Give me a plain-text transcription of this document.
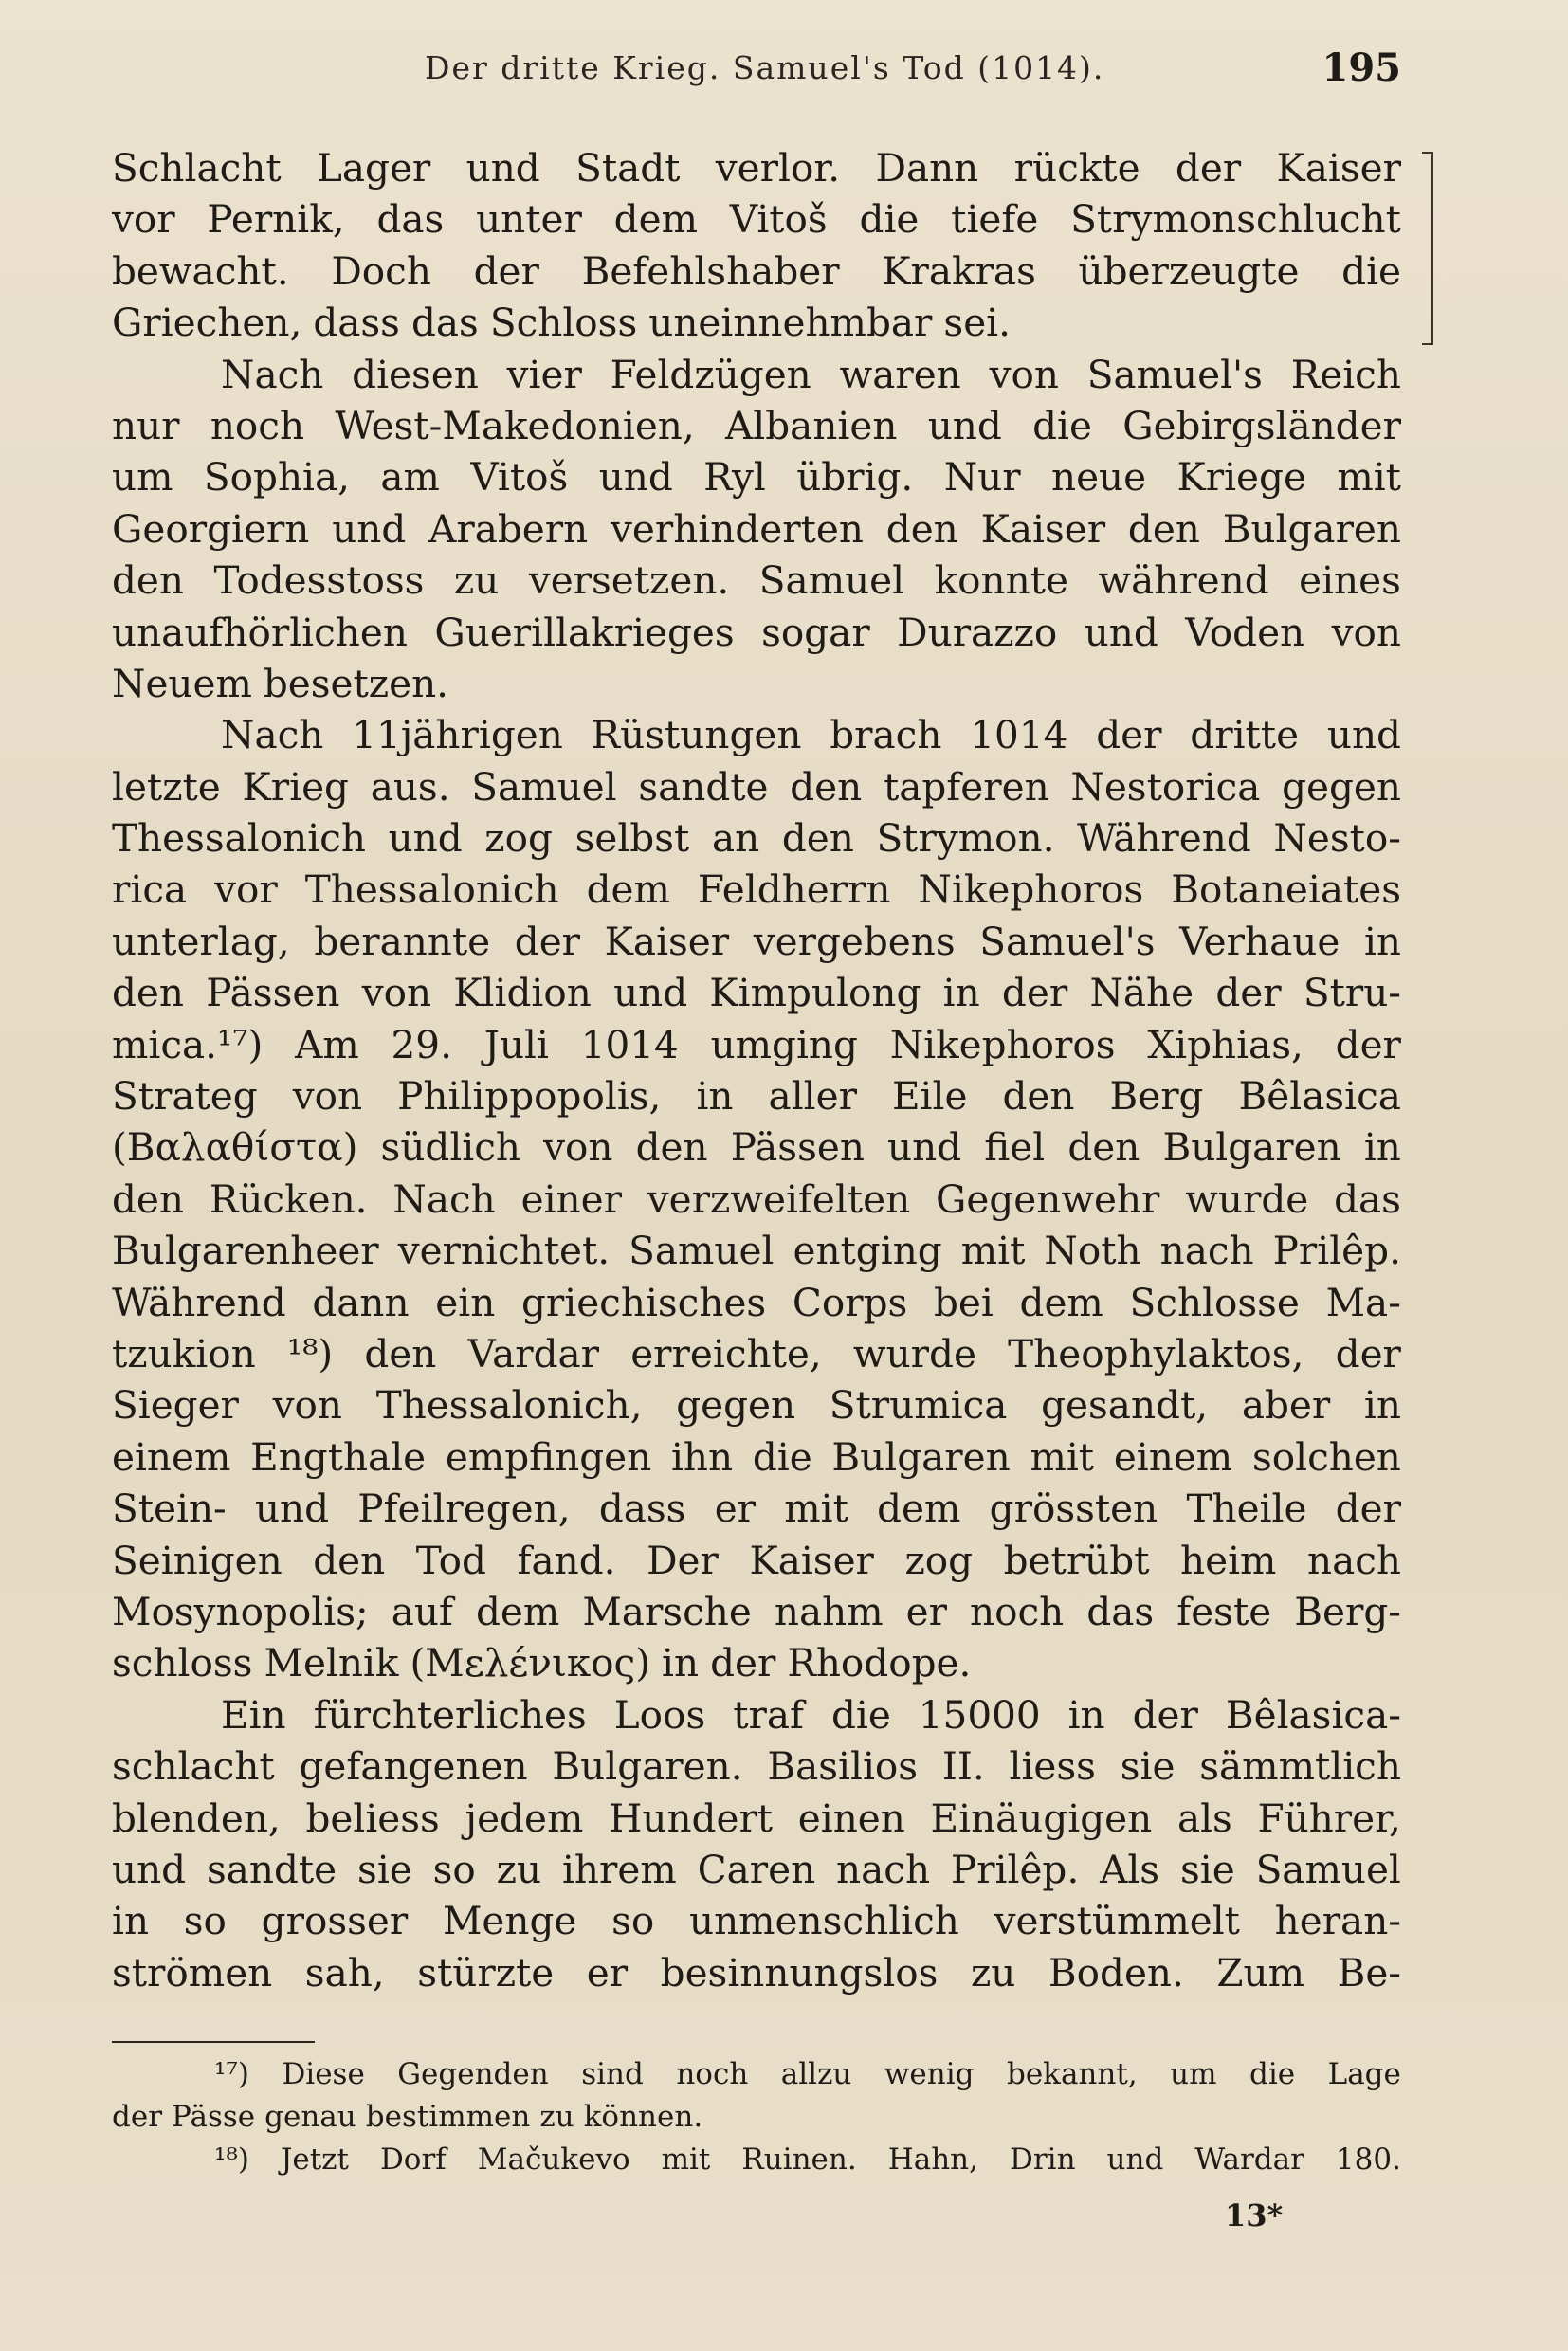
Der dritte Krieg. Samuel's Tod (1014).	195
Schlacht Lager und Stadt verlor. Dann rückte der Kaiser
vor Pernik, das unter dem Vitoš die tiefe Strymonschlucht
bewacht. Doch der Befehlshaber Krakras überzeugte die
Griechen, dass das Schloss uneinnehmbar sei.
Nach diesen vier Feldzügen waren von Samuel's Reich
nur noch West-Makedonien, Albanien und die Gebirgsländer
um Sophia, am Vitoš und Ryl übrig. Nur neue Kriege mit
Georgiern und Arabern verhinderten den Kaiser den Bulgaren
den Todesstoss zu versetzen. Samuel konnte während eines
unaufhörlichen Guerillakrieges sogar Durazzo und Voden von
Neuem besetzen.
Nach 11jährigen Rüstungen brach 1014 der dritte und
letzte Krieg aus. Samuel sandte den tapferen Nestorica gegen
Thessalonich und zog selbst an den Strymon. Während Nesto-
rica vor Thessalonich dem Feldherrn Nikephoros Botaneiates
unterlag, berannte der Kaiser vergebens Samuel's Verhaue in
den Pässen von Klidion und Kimpulong in der Nähe der Stru-
mica.¹⁷) Am 29. Juli 1014 umging Nikephoros Xiphias, der
Strateg von Philippopolis, in aller Eile den Berg Bêlasica
(Βαλαθίστα) südlich von den Pässen und fiel den Bulgaren in
den Rücken. Nach einer verzweifelten Gegenwehr wurde das
Bulgarenheer vernichtet. Samuel entging mit Noth nach Prilêp.
Während dann ein griechisches Corps bei dem Schlosse Ma-
tzukion ¹⁸) den Vardar erreichte, wurde Theophylaktos, der
Sieger von Thessalonich, gegen Strumica gesandt, aber in
einem Engthale empfingen ihn die Bulgaren mit einem solchen
Stein- und Pfeilregen, dass er mit dem grössten Theile der
Seinigen den Tod fand. Der Kaiser zog betrübt heim nach
Mosynopolis; auf dem Marsche nahm er noch das feste Berg-
schloss Melnik (Μελένικος) in der Rhodope.
Ein fürchterliches Loos traf die 15000 in der Bêlasica-
schlacht gefangenen Bulgaren. Basilios II. liess sie sämmtlich
blenden, beliess jedem Hundert einen Einäugigen als Führer,
und sandte sie so zu ihrem Caren nach Prilêp. Als sie Samuel
in so grosser Menge so unmenschlich verstümmelt heran-
strömen sah, stürzte er besinnungslos zu Boden. Zum Be-
¹⁷) Diese Gegenden sind noch allzu wenig bekannt, um die Lage
der Pässe genau bestimmen zu können.
¹⁸) Jetzt Dorf Mačukevo mit Ruinen. Hahn, Drin und Wardar 180.
13*
